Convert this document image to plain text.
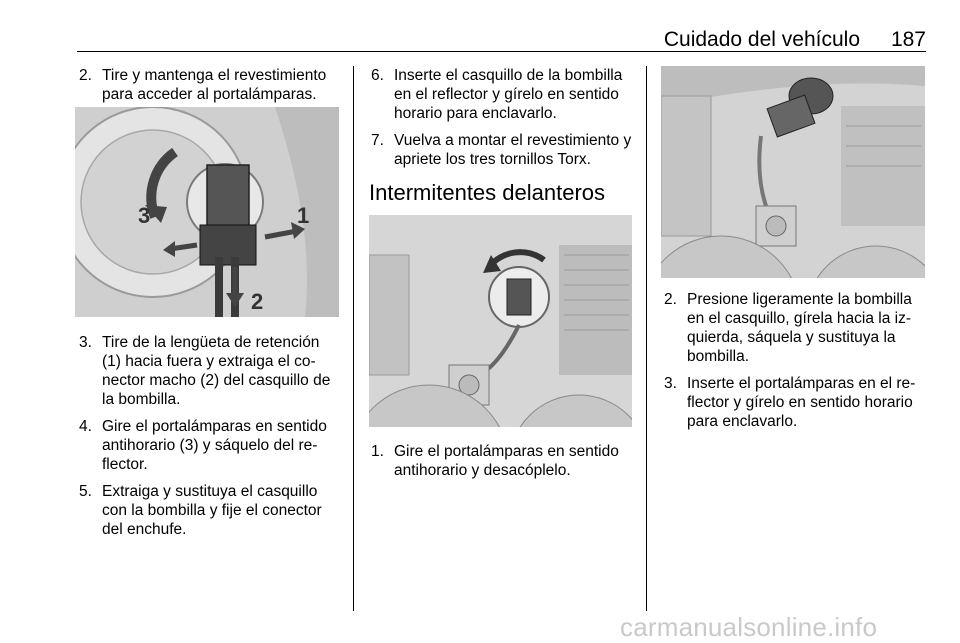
Cuidado del vehículo	187
2. Tire y mantenga el revestimiento para acceder al portalámparas.
3	1
2
3. Tire de la lengüeta de retención (1) hacia fuera y extraiga el conector macho (2) del casquillo de la bombilla.
4. Gire el portalámparas en sentido antihorario (3) y sáquelo del reflector.
5. Extraiga y sustituya el casquillo con la bombilla y fije el conector del enchufe.
6. Inserte el casquillo de la bombilla en el reflector y gírelo en sentido horario para enclavarlo.
7. Vuelva a montar el revestimiento y apriete los tres tornillos Torx.
Intermitentes delanteros
1. Gire el portalámparas en sentido antihorario y desacóplelo.
2. Presione ligeramente la bombilla en el casquillo, gírela hacia la izquierda, sáquela y sustituya la bombilla.
3. Inserte el portalámparas en el reflector y gírelo en sentido horario para enclavarlo.
carmanualsonline.info
